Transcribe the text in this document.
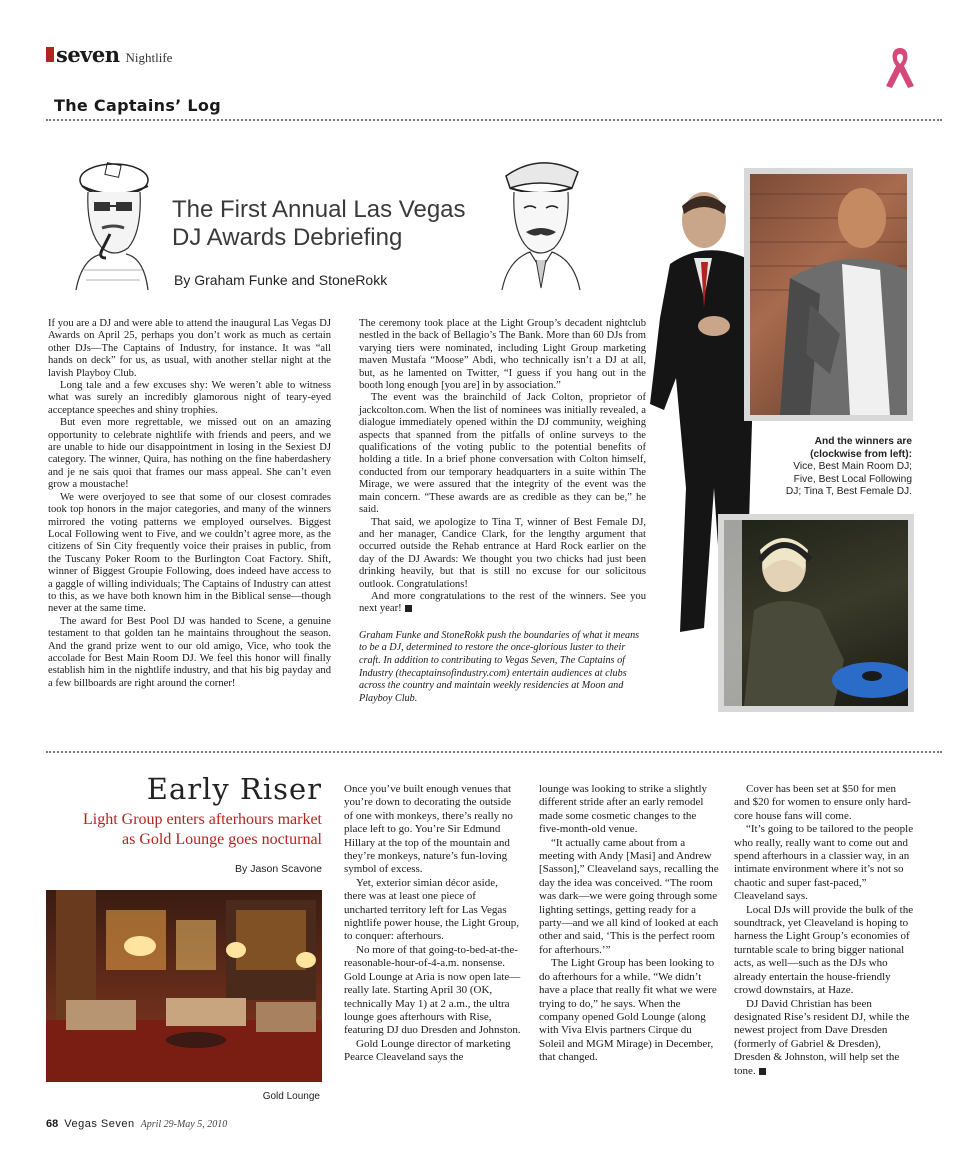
seven Nightlife
The Captains’ Log
The First Annual Las Vegas
DJ Awards Debriefing
By Graham Funke and StoneRokk
And the winners are
(clockwise from left):
Vice, Best Main Room DJ;
Five, Best Local Following
DJ; Tina T, Best Female DJ.

If you are a DJ and were able to attend the inaugural Las Vegas DJ Awards on April 25, perhaps you don’t work as much as certain other DJs—The Captains of Industry, for instance. It was “all hands on deck” for us, as usual, with another stellar night at the lavish Playboy Club.

Long tale and a few excuses shy: We weren’t able to witness what was surely an incredibly glamorous night of teary-eyed acceptance speeches and shiny trophies.

But even more regrettable, we missed out on an amazing opportunity to celebrate nightlife with friends and peers, and we are unable to hide our disappointment in losing in the Sexiest DJ category. The winner, Quira, has nothing on the fine haberdashery and je ne sais quoi that frames our mass appeal. She can’t even grow a moustache!

We were overjoyed to see that some of our closest comrades took top honors in the major categories, and many of the winners mirrored the voting patterns we employed ourselves. Biggest Local Following went to Five, and we couldn’t agree more, as the citizens of Sin City frequently voice their praises in public, from the Tuscany Poker Room to the Burlington Coat Factory. Shift, winner of Biggest Groupie Following, does indeed have access to a gaggle of willing individuals; The Captains of Industry can attest to this, as we have both known him in the Biblical sense—though never at the same time.

The award for Best Pool DJ was handed to Scene, a genuine testament to that golden tan he maintains throughout the season. And the grand prize went to our old amigo, Vice, who took the accolade for Best Main Room DJ. We feel this honor will finally establish him in the nightlife industry, and that his big payday and a few billboards are right around the corner!

The ceremony took place at the Light Group’s decadent nightclub nestled in the back of Bellagio’s The Bank. More than 60 DJs from varying tiers were nominated, including Light Group marketing maven Mustafa “Moose” Abdi, who technically isn’t a DJ at all, but, as he lamented on Twitter, “I guess if you hang out in the booth long enough [you are] in by association.”

The event was the brainchild of Jack Colton, proprietor of jackcolton.com. When the list of nominees was initially revealed, a dialogue immediately opened within the DJ community, weighing aspects that spanned from the pitfalls of online surveys to the qualifications of the voting public to the potential benefits of holding a title. In a brief phone conversation with Colton himself, conducted from our temporary headquarters in a suite within The Mirage, we were assured that the integrity of the event was the main concern. “These awards are as credible as they can be,” he said.

That said, we apologize to Tina T, winner of Best Female DJ, and her manager, Candice Clark, for the lengthy argument that occurred outside the Rehab entrance at Hard Rock earlier on the day of the DJ Awards: We thought you two chicks had just been drinking heavily, but that is still no excuse for our solicitous outlook. Congratulations!

And more congratulations to the rest of the winners. See you next year!

Graham Funke and StoneRokk push the boundaries of what it means to be a DJ, determined to restore the once-glorious luster to their craft. In addition to contributing to Vegas Seven, The Captains of Industry (thecaptainsofindustry.com) entertain audiences at clubs across the country and maintain weekly residencies at Moon and Playboy Club.

Early Riser
Light Group enters afterhours market
as Gold Lounge goes nocturnal
By Jason Scavone
Gold Lounge

Once you’ve built enough venues that you’re down to decorating the outside of one with monkeys, there’s really no place left to go. You’re Sir Edmund Hillary at the top of the mountain and they’re monkeys, nature’s fun-loving symbol of excess.

Yet, exterior simian décor aside, there was at least one piece of uncharted territory left for Las Vegas nightlife power house, the Light Group, to conquer: afterhours.

No more of that going-to-bed-at-the-reasonable-hour-of-4-a.m. nonsense. Gold Lounge at Aria is now open late—really late. Starting April 30 (OK, technically May 1) at 2 a.m., the ultra lounge goes afterhours with Rise, featuring DJ duo Dresden and Johnston.

Gold Lounge director of marketing Pearce Cleaveland says the

lounge was looking to strike a slightly different stride after an early remodel made some cosmetic changes to the five-month-old venue.

“It actually came about from a meeting with Andy [Masi] and Andrew [Sasson],” Cleaveland says, recalling the day the idea was conceived. “The room was dark—we were going through some lighting settings, getting ready for a party—and we all kind of looked at each other and said, ‘This is the perfect room for afterhours.’”

The Light Group has been looking to do afterhours for a while. “We didn’t have a place that really fit what we were trying to do,” he says. When the company opened Gold Lounge (along with Viva Elvis partners Cirque du Soleil and MGM Mirage) in December, that changed.

Cover has been set at $50 for men and $20 for women to ensure only hard-core house fans will come.

“It’s going to be tailored to the people who really, really want to come out and spend afterhours in a classier way, in an intimate environment where it’s not so chaotic and super fast-paced,” Cleaveland says.

Local DJs will provide the bulk of the soundtrack, yet Cleaveland is hoping to harness the Light Group’s economies of turntable scale to bring bigger national acts, as well—such as the DJs who already entertain the house-friendly crowd downstairs, at Haze.

DJ David Christian has been designated Rise’s resident DJ, while the newest project from Dave Dresden (formerly of Gabriel & Dresden), Dresden & Johnston, will help set the tone.

68 Vegas Seven April 29-May 5, 2010
